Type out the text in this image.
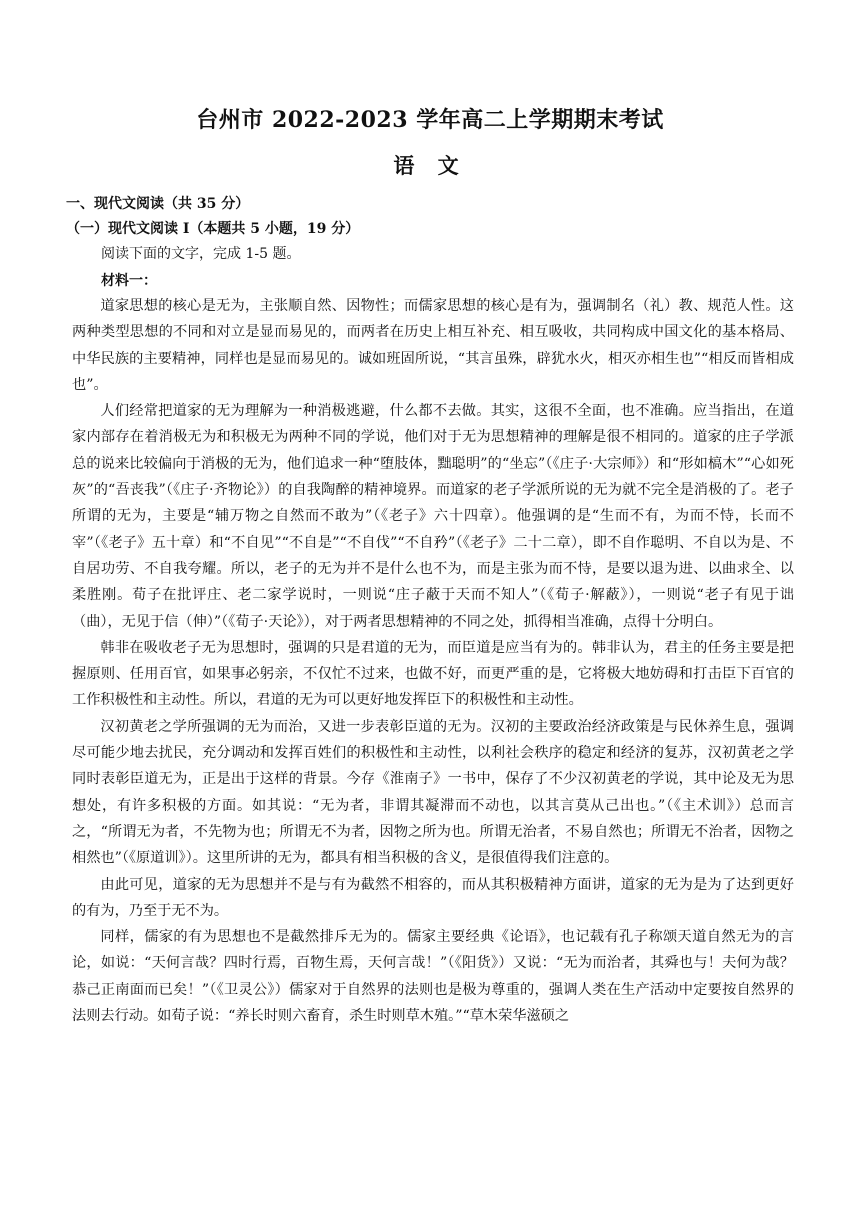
台州市 2022-2023 学年高二上学期期末考试
语 文
一、现代文阅读（共 35 分）
（一）现代文阅读 I（本题共 5 小题，19 分）
阅读下面的文字，完成 1-5 题。
材料一：

道家思想的核心是无为，主张顺自然、因物性；而儒家思想的核心是有为，强调制名（礼）教、规范人性。这两种类型思想的不同和对立是显而易见的，而两者在历史上相互补充、相互吸收，共同构成中国文化的基本格局、中华民族的主要精神，同样也是显而易见的。诚如班固所说，“其言虽殊，辟犹水火，相灭亦相生也”“相反而皆相成也”。

人们经常把道家的无为理解为一种消极逃避，什么都不去做。其实，这很不全面，也不准确。应当指出，在道家内部存在着消极无为和积极无为两种不同的学说，他们对于无为思想精神的理解是很不相同的。道家的庄子学派总的说来比较偏向于消极的无为，他们追求一种“堕肢体，黜聪明”的“坐忘”（《庄子·大宗师》）和“形如槁木”“心如死灰”的“吾丧我”（《庄子·齐物论》）的自我陶醉的精神境界。而道家的老子学派所说的无为就不完全是消极的了。老子所谓的无为，主要是“辅万物之自然而不敢为”（《老子》六十四章）。他强调的是“生而不有，为而不恃，长而不宰”（《老子》五十章）和“不自见”“不自是”“不自伐”“不自矜”（《老子》二十二章），即不自作聪明、不自以为是、不自居功劳、不自我夸耀。所以，老子的无为并不是什么也不为，而是主张为而不恃，是要以退为进、以曲求全、以柔胜刚。荀子在批评庄、老二家学说时，一则说“庄子蔽于天而不知人”（《荀子·解蔽》），一则说“老子有见于诎（曲），无见于信（伸）”（《荀子·天论》），对于两者思想精神的不同之处，抓得相当准确，点得十分明白。

韩非在吸收老子无为思想时，强调的只是君道的无为，而臣道是应当有为的。韩非认为，君主的任务主要是把握原则、任用百官，如果事必躬亲，不仅忙不过来，也做不好，而更严重的是，它将极大地妨碍和打击臣下百官的工作积极性和主动性。所以，君道的无为可以更好地发挥臣下的积极性和主动性。

汉初黄老之学所强调的无为而治，又进一步表彰臣道的无为。汉初的主要政治经济政策是与民休养生息，强调尽可能少地去扰民，充分调动和发挥百姓们的积极性和主动性，以利社会秩序的稳定和经济的复苏，汉初黄老之学同时表彰臣道无为，正是出于这样的背景。今存《淮南子》一书中，保存了不少汉初黄老的学说，其中论及无为思想处，有许多积极的方面。如其说：“无为者，非谓其凝滞而不动也，以其言莫从己出也。”（《主术训》）总而言之，“所谓无为者，不先物为也；所谓无不为者，因物之所为也。所谓无治者，不易自然也；所谓无不治者，因物之相然也”（《原道训》）。这里所讲的无为，都具有相当积极的含义，是很值得我们注意的。

由此可见，道家的无为思想并不是与有为截然不相容的，而从其积极精神方面讲，道家的无为是为了达到更好的有为，乃至于无不为。

同样，儒家的有为思想也不是截然排斥无为的。儒家主要经典《论语》，也记载有孔子称颂天道自然无为的言论，如说：“天何言哉？四时行焉，百物生焉，天何言哉！”（《阳货》）又说：“无为而治者，其舜也与！夫何为哉？恭己正南面而已矣！”（《卫灵公》）儒家对于自然界的法则也是极为尊重的，强调人类在生产活动中定要按自然界的法则去行动。如荀子说：“养长时则六畜育，杀生时则草木殖。”“草木荣华滋硕之
